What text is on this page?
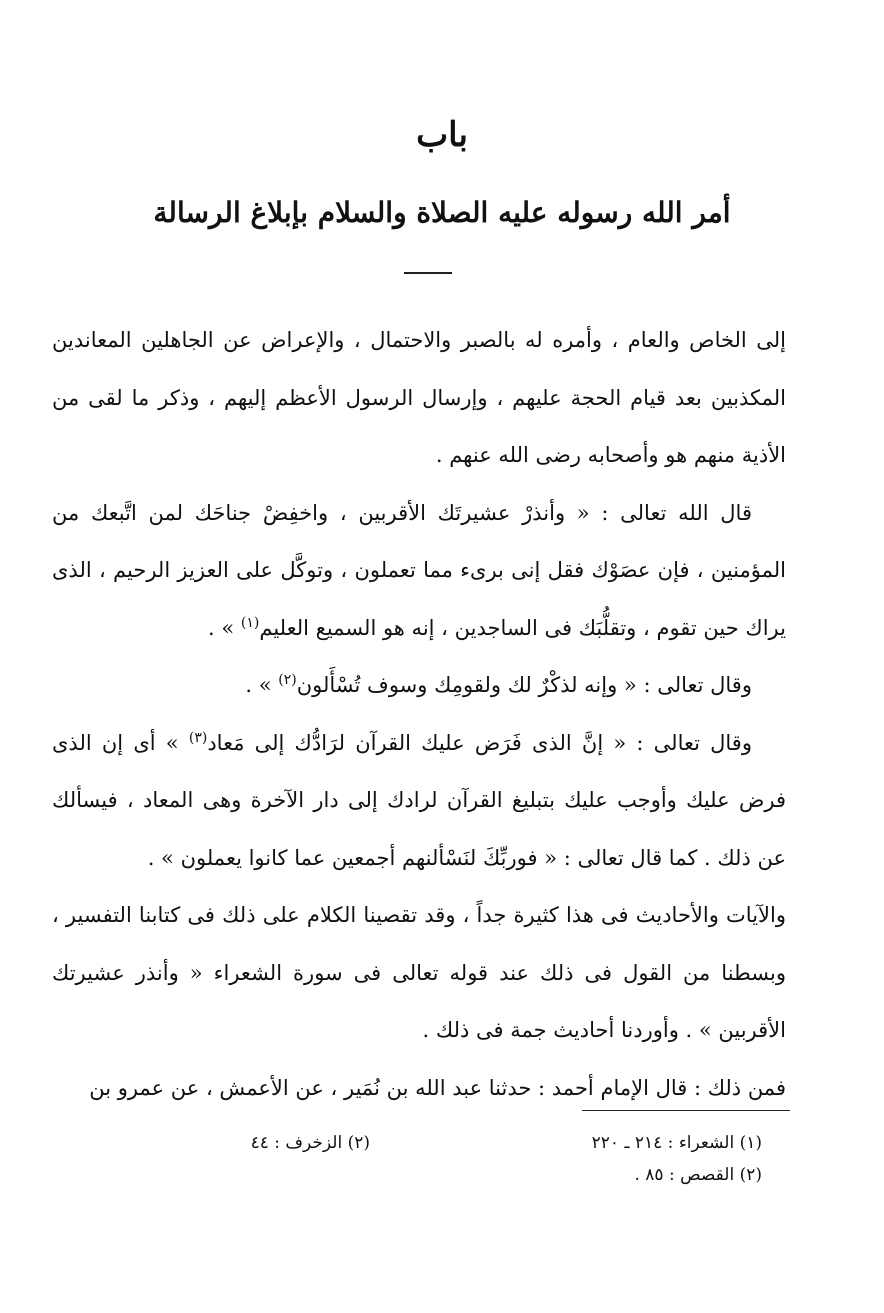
باب
أمر الله رسوله عليه الصلاة والسلام بإبلاغ الرسالة

إلى الخاص والعام ، وأمره له بالصبر والاحتمال ، والإعراض عن الجاهلين المعاندين المكذبين بعد قيام الحجة عليهم ، وإرسال الرسول الأعظم إليهم ، وذكر ما لقى من الأذية منهم هو وأصحابه رضى الله عنهم .

قال الله تعالى : « وأنذرْ عشيرتَك الأقربين ، واخفِضْ جناحَك لمن اتَّبعك من المؤمنين ، فإن عصَوْك فقل إنى برىء مما تعملون ، وتوكَّل على العزيز الرحيم ، الذى يراك حين تقوم ، وتقلُّبَك فى الساجدين ، إنه هو السميع العليم$^{(١)}$ » .

وقال تعالى : « وإنه لذكْرٌ لك ولقومِك وسوف تُسْأَلون$^{(٢)}$ » .

وقال تعالى : « إنَّ الذى فَرَض عليك القرآن لرَادُّك إلى مَعاد$^{(٣)}$ » أى إن الذى فرض عليك وأوجب عليك بتبليغ القرآن لرادك إلى دار الآخرة وهى المعاد ، فيسألك عن ذلك . كما قال تعالى : « فوربِّكَ لنَسْألنهم أجمعين عما كانوا يعملون » .

والآيات والأحاديث فى هذا كثيرة جداً ، وقد تقصينا الكلام على ذلك فى كتابنا التفسير ، وبسطنا من القول فى ذلك عند قوله تعالى فى سورة الشعراء « وأنذر عشيرتك الأقربين » . وأوردنا أحاديث جمة فى ذلك .

فمن ذلك : قال الإمام أحمد : حدثنا عبد الله بن نُمَير ، عن الأعمش ، عن عمرو بن

(١) الشعراء : ٢١٤ ـ ٢٢٠
(٢) القصص : ٨٥ .
(٢) الزخرف : ٤٤
